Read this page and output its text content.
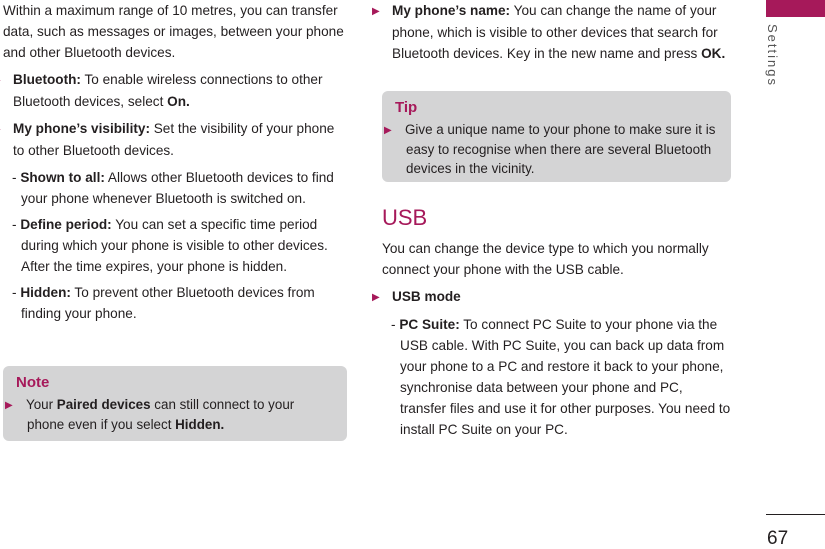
Within a maximum range of 10 metres, you can transfer data, such as messages or images, between your phone and other Bluetooth devices.

Bluetooth: To enable wireless connections to other Bluetooth devices, select On.

My phone’s visibility: Set the visibility of your phone to other Bluetooth devices.

- Shown to all: Allows other Bluetooth devices to find your phone whenever Bluetooth is switched on.

- Define period: You can set a specific time period during which your phone is visible to other devices. After the time expires, your phone is hidden.

- Hidden: To prevent other Bluetooth devices from finding your phone.

Note
▶ Your Paired devices can still connect to your phone even if you select Hidden.

▶ My phone’s name: You can change the name of your phone, which is visible to other devices that search for Bluetooth devices. Key in the new name and press OK.

Tip
▶ Give a unique name to your phone to make sure it is easy to recognise when there are several Bluetooth devices in the vicinity.
USB

You can change the device type to which you normally connect your phone with the USB cable.

▶ USB mode

- PC Suite: To connect PC Suite to your phone via the USB cable. With PC Suite, you can back up data from your phone to a PC and restore it back to your phone, synchronise data between your phone and PC, transfer files and use it for other purposes. You need to install PC Suite on your PC.

Settings
67
